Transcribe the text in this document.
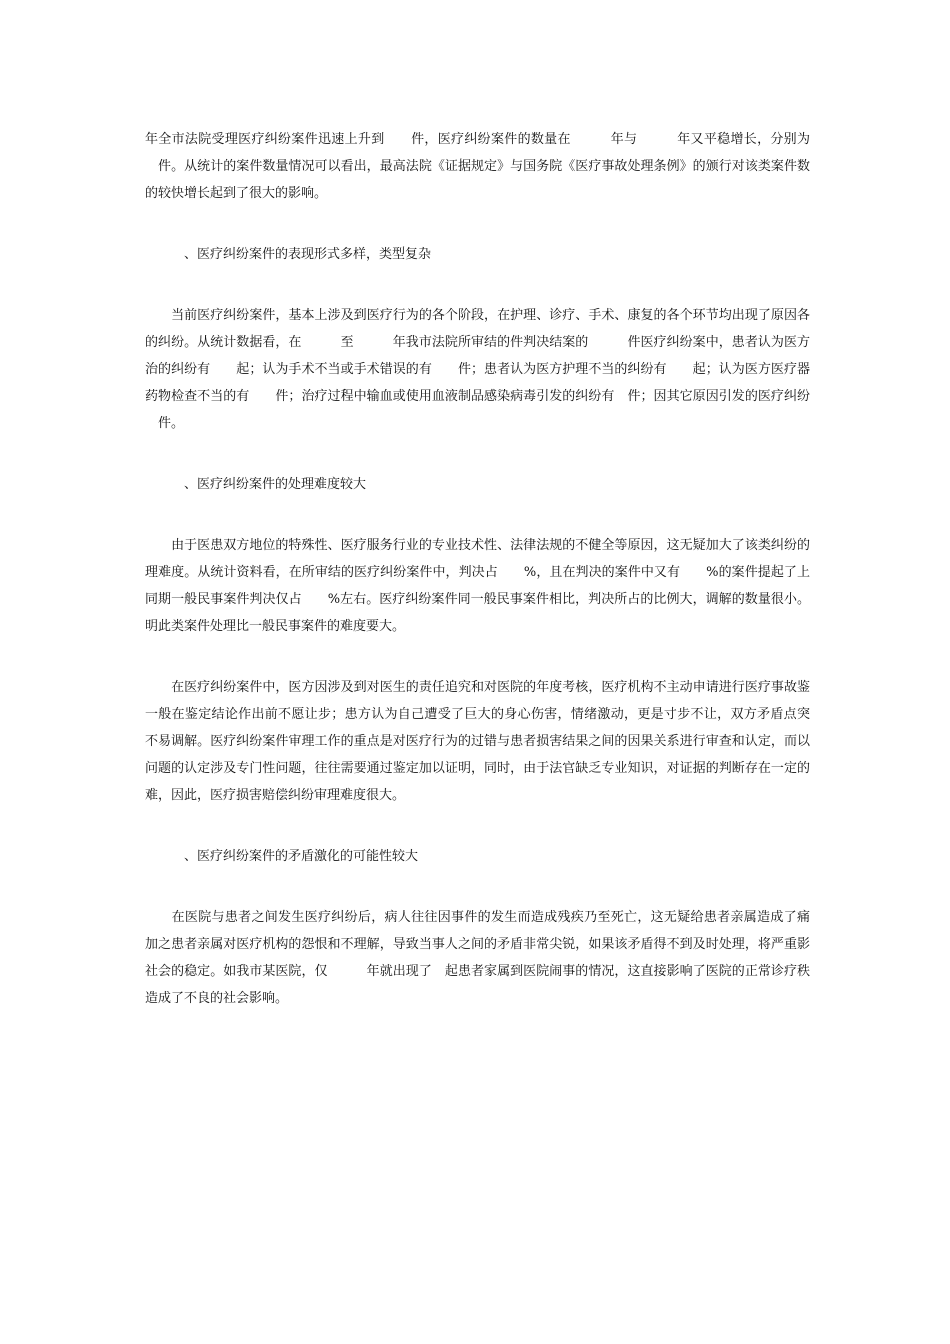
年全市法院受理医疗纠纷案件迅速上升到　　件，医疗纠纷案件的数量在　　　年与　　　年又平稳增长，分别为　　
　件。从统计的案件数量情况可以看出，最高法院《证据规定》与国务院《医疗事故处理条例》的颁行对该类案件数
的较快增长起到了很大的影响。
　　　、医疗纠纷案件的表现形式多样，类型复杂
　　当前医疗纠纷案件，基本上涉及到医疗行为的各个阶段，在护理、诊疗、手术、康复的各个环节均出现了原因各
的纠纷。从统计数据看，在　　　至　　　年我市法院所审结的件判决结案的　　　件医疗纠纷案中，患者认为医方
治的纠纷有　　起；认为手术不当或手术错误的有　　件；患者认为医方护理不当的纠纷有　　起；认为医方医疗器
药物检查不当的有　　件；治疗过程中输血或使用血液制品感染病毒引发的纠纷有　件；因其它原因引发的医疗纠纷
　件。
　　　、医疗纠纷案件的处理难度较大
　　由于医患双方地位的特殊性、医疗服务行业的专业技术性、法律法规的不健全等原因，这无疑加大了该类纠纷的
理难度。从统计资料看，在所审结的医疗纠纷案件中，判决占　　%，且在判决的案件中又有　　%的案件提起了上
同期一般民事案件判决仅占　　%左右。医疗纠纷案件同一般民事案件相比，判决所占的比例大，调解的数量很小。
明此类案件处理比一般民事案件的难度要大。
　　在医疗纠纷案件中，医方因涉及到对医生的责任追究和对医院的年度考核，医疗机构不主动申请进行医疗事故鉴
一般在鉴定结论作出前不愿让步；患方认为自己遭受了巨大的身心伤害，情绪激动，更是寸步不让，双方矛盾点突
不易调解。医疗纠纷案件审理工作的重点是对医疗行为的过错与患者损害结果之间的因果关系进行审查和认定，而以
问题的认定涉及专门性问题，往往需要通过鉴定加以证明，同时，由于法官缺乏专业知识，对证据的判断存在一定的
难，因此，医疗损害赔偿纠纷审理难度很大。
　　　、医疗纠纷案件的矛盾激化的可能性较大
　　在医院与患者之间发生医疗纠纷后，病人往往因事件的发生而造成残疾乃至死亡，这无疑给患者亲属造成了痛
加之患者亲属对医疗机构的怨恨和不理解，导致当事人之间的矛盾非常尖锐，如果该矛盾得不到及时处理，将严重影
社会的稳定。如我市某医院，仅　　　年就出现了　起患者家属到医院闹事的情况，这直接影响了医院的正常诊疗秩
造成了不良的社会影响。
